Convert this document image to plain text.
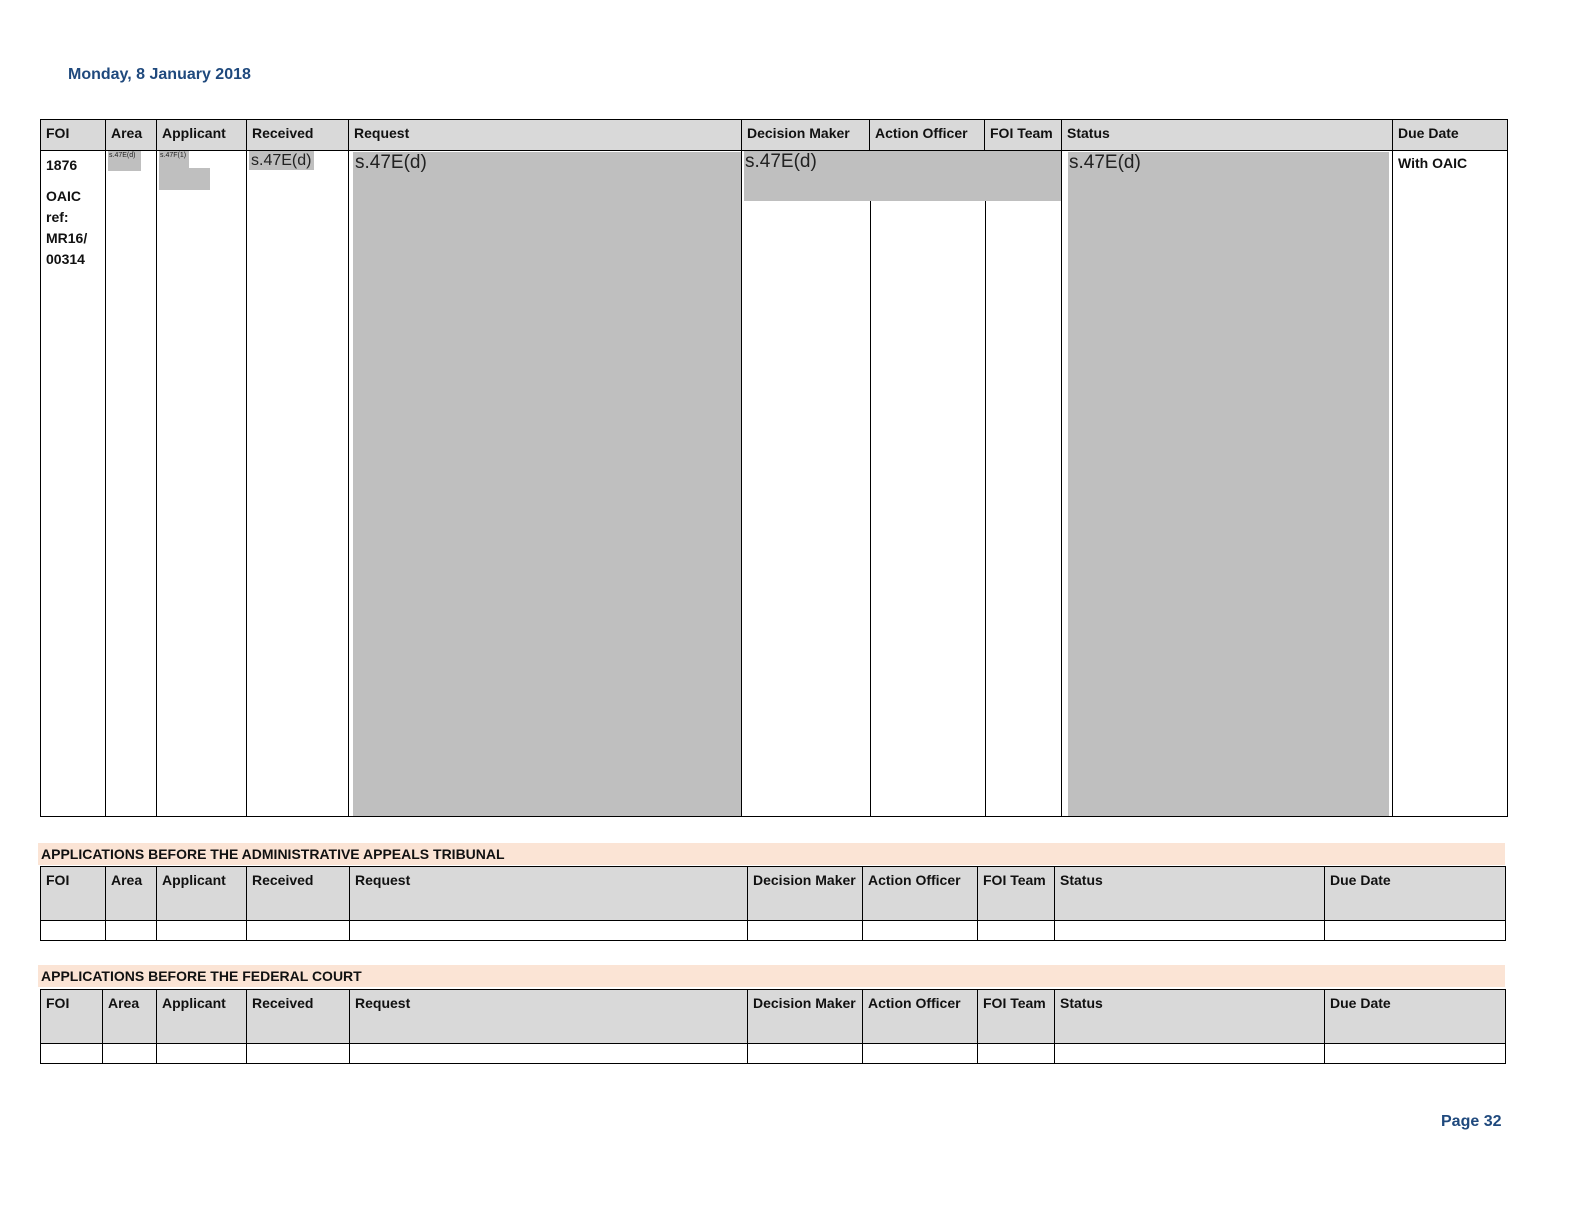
Monday, 8 January 2018
FOI	Area	Applicant	Received	Request	Decision Maker	Action Officer	FOI Team	Status	Due Date

1876
OAIC
ref:
MR16/
00314	s.47E(d)	s.47F(1)	s.47E(d)	s.47E(d)	s.47E(d)			s.47E(d)	With OAIC
APPLICATIONS BEFORE THE ADMINISTRATIVE APPEALS TRIBUNAL
FOI	Area	Applicant	Received	Request	Decision Maker	Action Officer	FOI Team	Status	Due Date

APPLICATIONS BEFORE THE FEDERAL COURT
FOI	Area	Applicant	Received	Request	Decision Maker	Action Officer	FOI Team	Status	Due Date

Page 32
